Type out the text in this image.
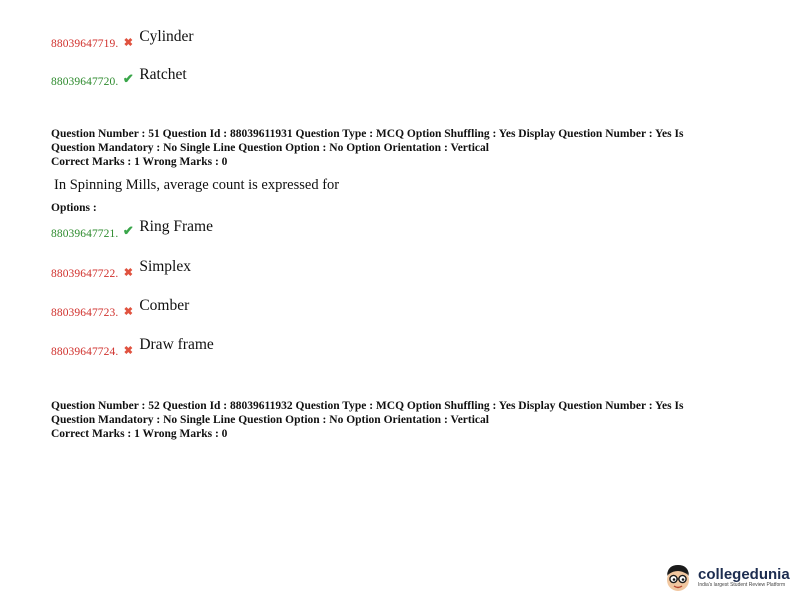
88039647719. ✖ Cylinder
88039647720. ✔ Ratchet
Question Number : 51 Question Id : 88039611931 Question Type : MCQ Option Shuffling : Yes Display Question Number : Yes Is
Question Mandatory : No Single Line Question Option : No Option Orientation : Vertical
Correct Marks : 1 Wrong Marks : 0
In Spinning Mills, average count is expressed for
Options :
88039647721. ✔ Ring Frame
88039647722. ✖ Simplex
88039647723. ✖ Comber
88039647724. ✖ Draw frame
Question Number : 52 Question Id : 88039611932 Question Type : MCQ Option Shuffling : Yes Display Question Number : Yes Is
Question Mandatory : No Single Line Question Option : No Option Orientation : Vertical
Correct Marks : 1 Wrong Marks : 0
collegedunia
India's largest Student Review Platform
